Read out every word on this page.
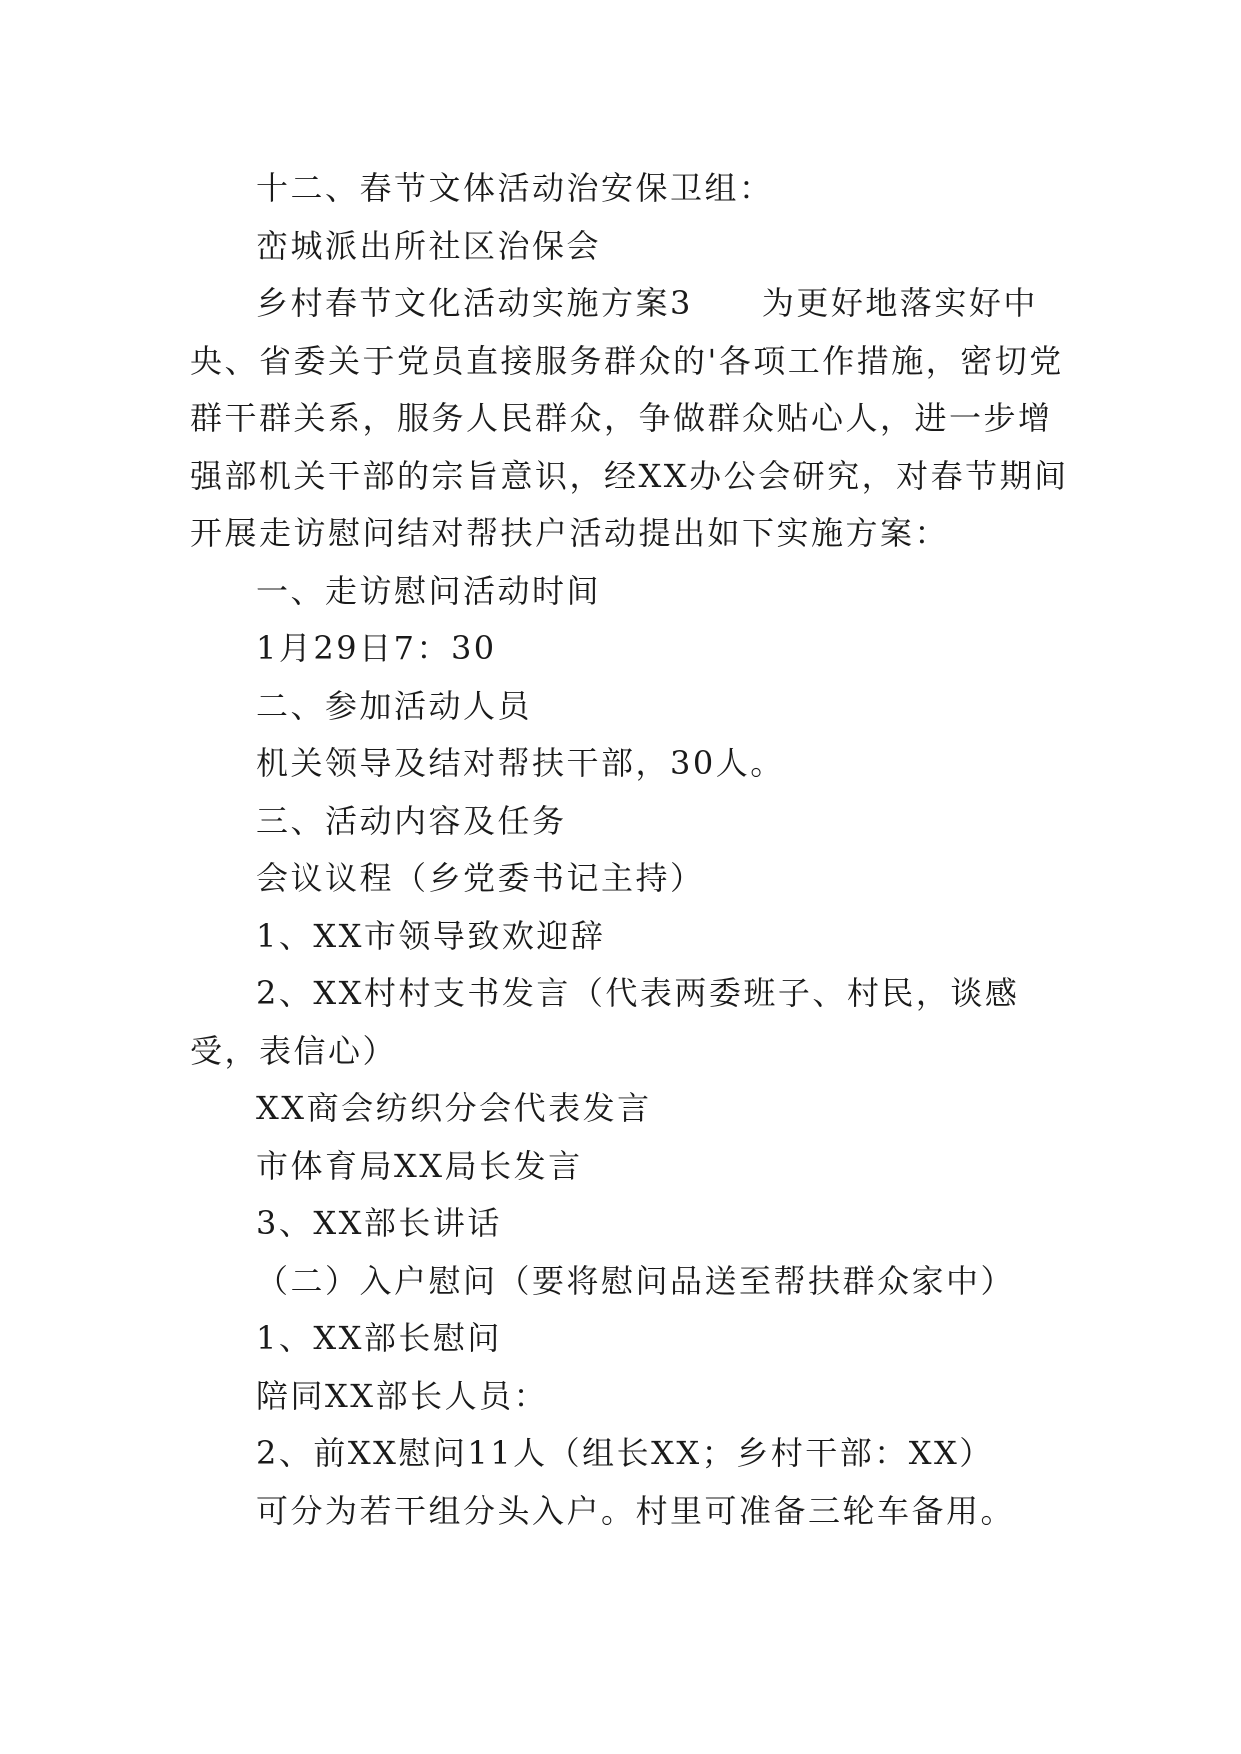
十二、春节文体活动治安保卫组：

峦城派出所社区治保会

乡村春节文化活动实施方案3　　为更好地落实好中央、省委关于党员直接服务群众的'各项工作措施，密切党群干群关系，服务人民群众，争做群众贴心人，进一步增强部机关干部的宗旨意识，经XX办公会研究，对春节期间开展走访慰问结对帮扶户活动提出如下实施方案：

一、走访慰问活动时间

1月29日7：30

二、参加活动人员

机关领导及结对帮扶干部，30人。

三、活动内容及任务

会议议程（乡党委书记主持）

1、XX市领导致欢迎辞

2、XX村村支书发言（代表两委班子、村民，谈感受，表信心）

XX商会纺织分会代表发言

市体育局XX局长发言

3、XX部长讲话

（二）入户慰问（要将慰问品送至帮扶群众家中）

1、XX部长慰问

陪同XX部长人员：

2、前XX慰问11人（组长XX；乡村干部：XX）

可分为若干组分头入户。村里可准备三轮车备用。
